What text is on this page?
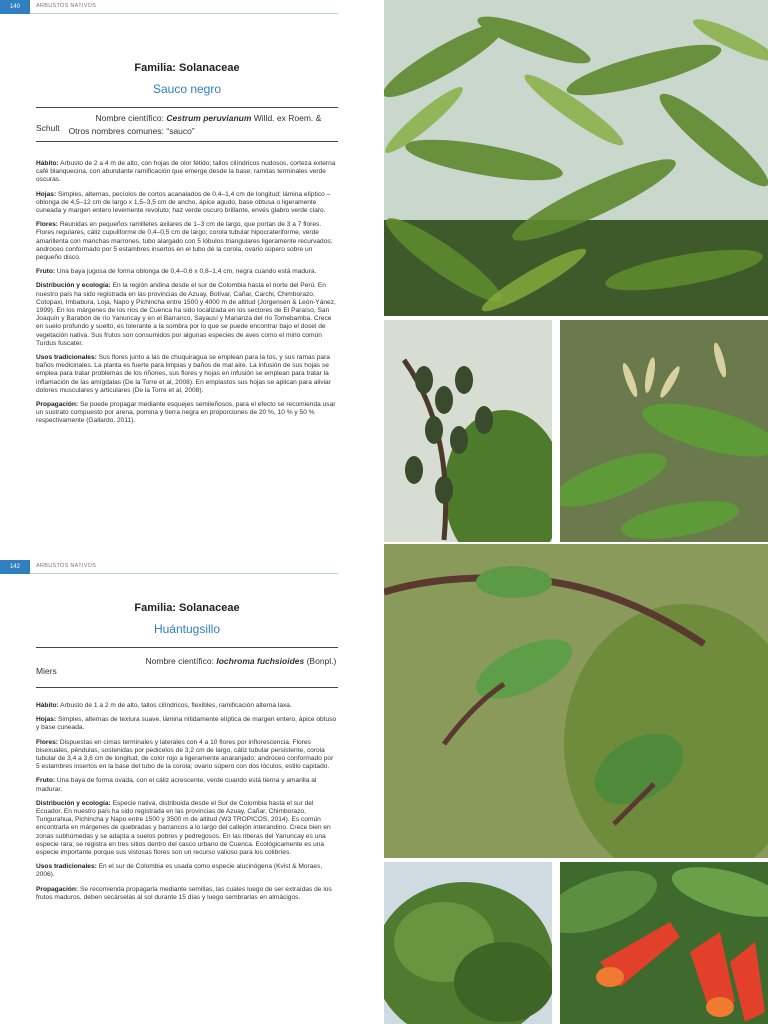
140	ARBUSTOS NATIVOS
Familia: Solanaceae
Sauco negro
Nombre científico: Cestrum peruvianum Willd. ex Roem. & Schult	Otros nombres comunes: “sauco”

Hábito: Arbusto de 2 a 4 m de alto, con hojas de olor fétido; tallos cilíndricos nudosos, corteza externa café blanquecina, con abundante ramificación que emerge desde la base; ramitas terminales verde oscuras.

Hojas: Simples, alternas, pecíolos de cortos acanalados de 0,4–1,4 cm de longitud; lámina elíptico – oblonga de 4,5–12 cm de largo x 1,5–3,5 cm de ancho, ápice agudo, base obtusa o ligeramente cuneada y margen entero levemente revoluto; haz verde oscuro brillante, envés glabro verde claro.

Flores: Reunidas en pequeños ramilletes axilares de 1–3 cm de largo, que portan de 3 a 7 flores. Flores regulares, cáliz cupuliforme de 0,4–0,5 cm de largo; corola tubular hipocrateriforme, verde amarillenta con manchas marrones, tubo alargado con 5 lóbulos triangulares ligeramente recurvados; androceo conformado por 5 estambres insertos en el tubo de la corola, ovario súpero sobre un pequeño disco.

Fruto: Una baya jugosa de forma oblonga de 0,4–0,6 x 0,8–1,4 cm, negra cuando está madura.

Distribución y ecología: En la región andina desde el sur de Colombia hasta el norte del Perú. En nuestro país ha sido registrada en las provincias de Azuay, Bolívar, Cañar, Carchi, Chimborazo, Cotopaxi, Imbabura, Loja, Napo y Pichincha entre 1500 y 4000 m de altitud (Jorgensen & León-Yánez, 1999). En los márgenes de los ríos de Cuenca ha sido localizada en los sectores de El Paraíso, San Joaquín y Barabón de río Yanuncay y en el Barranco, Sayausí y Marianza del río Tomebamba. Crece en suelo profundo y suelto, es tolerante a la sombra por lo que se puede encontrar bajo el dosel de vegetación nativa. Sus frutos son consumidos por algunas especies de aves como el mirlo común Turdus fuscater.

Usos tradicionales: Sus flores junto a las de chuquiragua se emplean para la tos, y sus ramas para baños medicinales. La planta es fuerte para limpias y baños de mal aire. La infusión de sus hojas se emplea para tratar problemas de los riñones, sus flores y hojas en infusión se emplean para tratar la inflamación de las amígdalas (De la Torre et al, 2008). En emplastos sus hojas se aplican para aliviar dolores musculares y articulares (De la Torre et al, 2008).

Propagación: Se puede propagar mediante esquejes semileñosos, para el efecto se recomienda usar un sustrato compuesto por arena, pomina y tierra negra en proporciones de 20 %, 10 % y 50 % respectivamente (Gallardo, 2011).

142	ARBUSTOS NATIVOS
Familia: Solanaceae
Huántugsillo
Nombre científico: Iochroma fuchsioides (Bonpl.) Miers

Hábito: Arbusto de 1 a 2 m de alto, tallos cilíndricos, flexibles, ramificación alterna laxa.

Hojas: Simples, alternas de textura suave, lámina nítidamente elíptica de margen entero, ápice obtuso y base cuneada.

Flores: Dispuestas en cimas terminales y laterales con 4 a 10 flores por inflorescencia. Flores bisexuales, péndulas, sostenidas por pedicelos de 3,2 cm de largo, cáliz tubular persistente, corola tubular de 3,4 a 3,6 cm de longitud, de color rojo a ligeramente anaranjado; androceo conformado por 5 estambres insertos en la base del tubo de la corola; ovario súpero con dos lóculos, estilo capitado.

Fruto: Una baya de forma ovada, con el cáliz acrescente, verde cuando está tierna y amarilla al madurar.

Distribución y ecología: Especie nativa, distribuida desde el Sur de Colombia hasta el sur del Ecuador. En nuestro país ha sido registrada en las provincias de Azuay, Cañar, Chimborazo, Tungurahua, Pichincha y Napo entre 1500 y 3500 m de altitud (W3 TROPICOS, 2014). Es común encontrarla en márgenes de quebradas y barrancos a lo largo del callejón interandino. Crece bien en zonas subhúmedas y se adapta a suelos pobres y pedregosos. En las riberas del Yanuncay es una especie rara; se registra en tres sitios dentro del casco urbano de Cuenca. Ecológicamente es una especie importante porque sus vistosas flores son un recurso valioso para los colibríes.

Usos tradicionales: En el sur de Colombia es usada como especie alucinógena (Kvist & Moraes, 2006).

Propagación: Se recomienda propagarla mediante semillas, las cuales luego de ser extraídas de los frutos maduros, deben secárselas al sol durante 15 días y luego sembrarlas en almácigos.
